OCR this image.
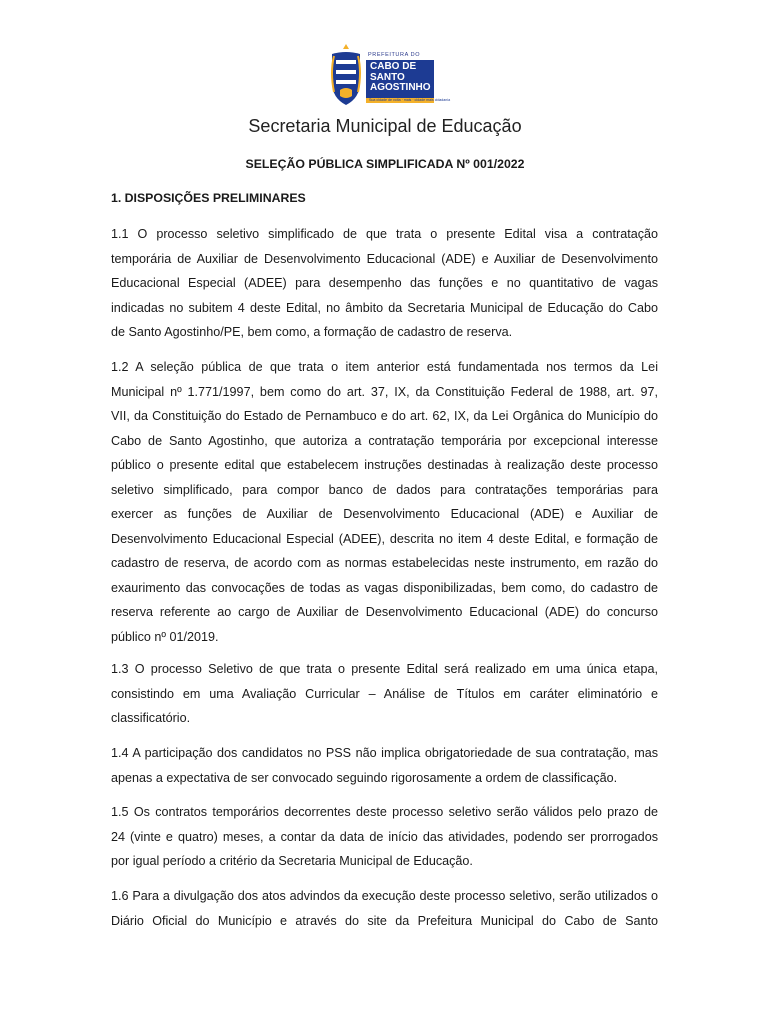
PREFEITURA DO
CABO DE
SANTO
AGOSTINHO
Sua cidade de volta · mais · cidade mais cidadania
Secretaria Municipal de Educação
SELEÇÃO PÚBLICA SIMPLIFICADA Nº 001/2022
1. DISPOSIÇÕES PRELIMINARES
1.1 O processo seletivo simplificado de que trata o presente Edital visa a contratação
temporária de Auxiliar de Desenvolvimento Educacional (ADE) e Auxiliar de Desenvolvimento
Educacional Especial (ADEE) para desempenho das funções e no quantitativo de vagas
indicadas no subitem 4 deste Edital, no âmbito da Secretaria Municipal de Educação do Cabo
de Santo Agostinho/PE, bem como, a formação de cadastro de reserva.
1.2 A seleção pública de que trata o item anterior está fundamentada nos termos da Lei
Municipal nº 1.771/1997, bem como do art. 37, IX, da Constituição Federal de 1988, art. 97,
VII, da Constituição do Estado de Pernambuco e do art. 62, IX, da Lei Orgânica do Município do
Cabo de Santo Agostinho, que autoriza a contratação temporária por excepcional interesse
público o presente edital que estabelecem instruções destinadas à realização deste processo
seletivo simplificado, para compor banco de dados para contratações temporárias para
exercer as funções de Auxiliar de Desenvolvimento Educacional (ADE) e Auxiliar de
Desenvolvimento Educacional Especial (ADEE), descrita no item 4 deste Edital, e formação de
cadastro de reserva, de acordo com as normas estabelecidas neste instrumento, em razão do
exaurimento das convocações de todas as vagas disponibilizadas, bem como, do cadastro de
reserva referente ao cargo de Auxiliar de Desenvolvimento Educacional (ADE) do concurso
público nº 01/2019.
1.3 O processo Seletivo de que trata o presente Edital será realizado em uma única etapa,
consistindo em uma Avaliação Curricular – Análise de Títulos em caráter eliminatório e
classificatório.
1.4 A participação dos candidatos no PSS não implica obrigatoriedade de sua contratação, mas
apenas a expectativa de ser convocado seguindo rigorosamente a ordem de classificação.
1.5 Os contratos temporários decorrentes deste processo seletivo serão válidos pelo prazo de
24 (vinte e quatro) meses, a contar da data de início das atividades, podendo ser prorrogados
por igual período a critério da Secretaria Municipal de Educação.
1.6 Para a divulgação dos atos advindos da execução deste processo seletivo, serão utilizados o
Diário Oficial do Município e através do site da Prefeitura Municipal do Cabo de Santo
